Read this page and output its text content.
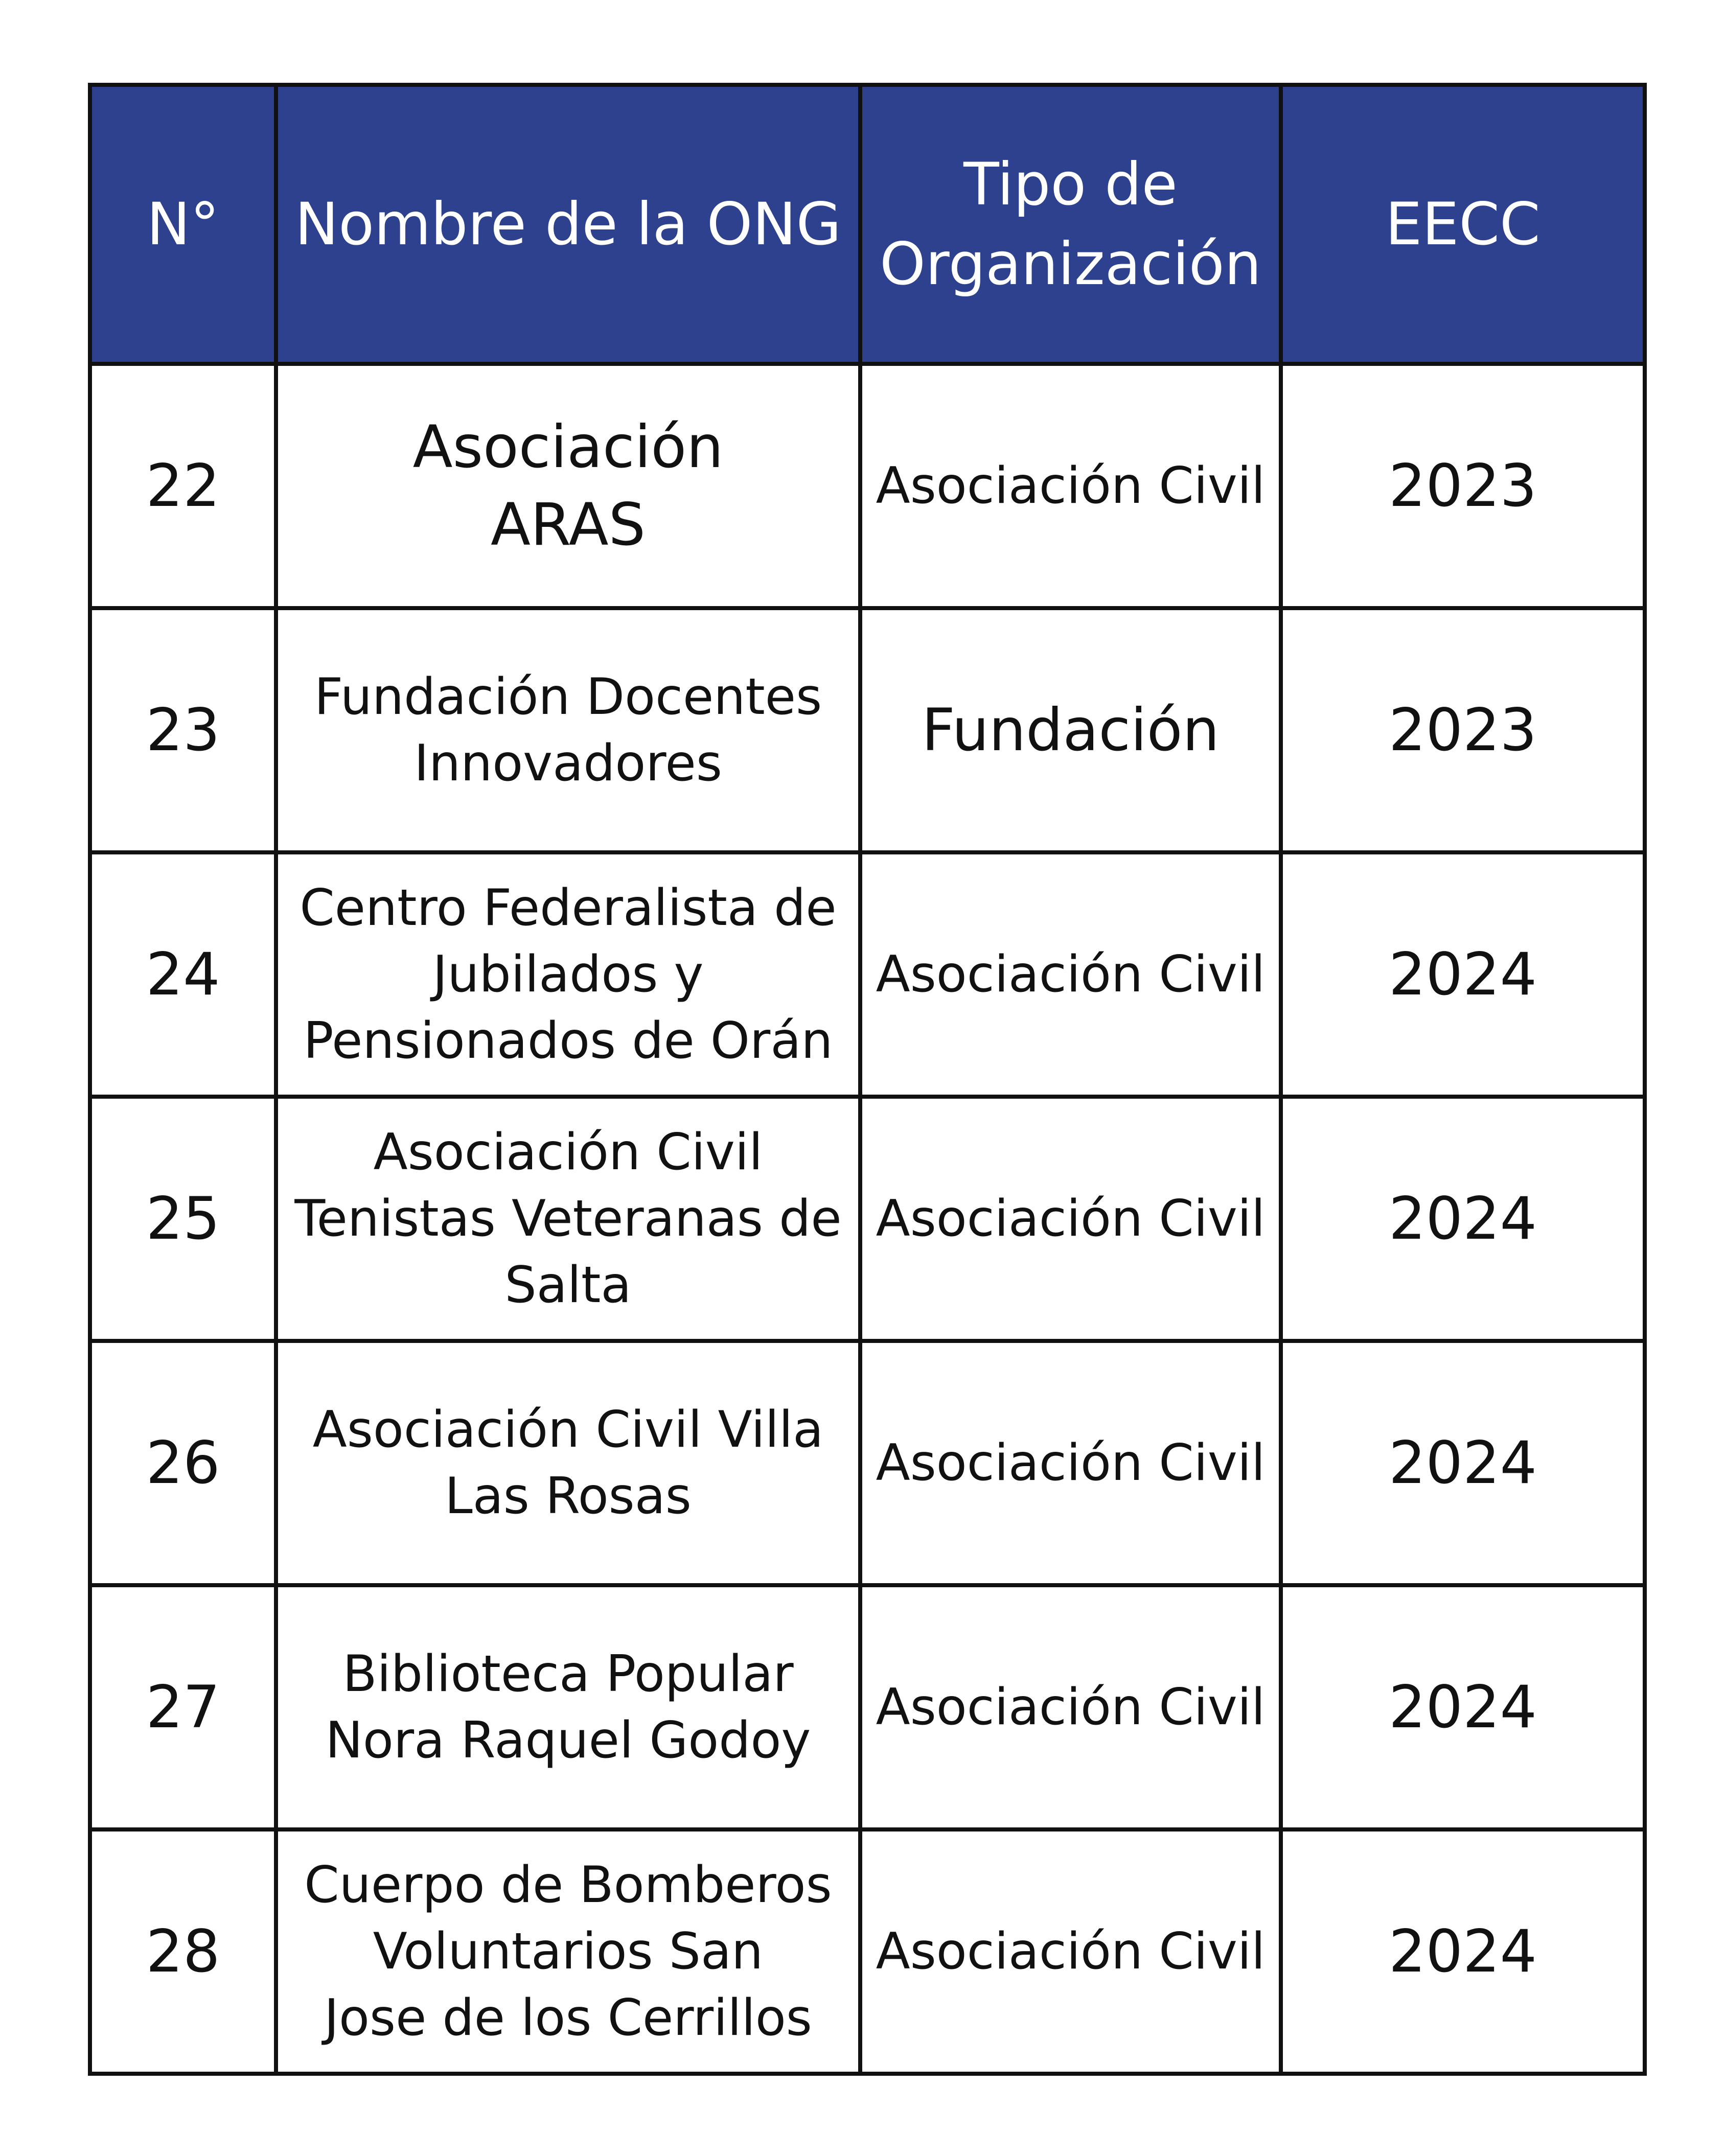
N°	Nombre de la ONG	Tipo de
Organización	EECC
22	Asociación
ARAS	Asociación Civil	2023
23	Fundación Docentes
Innovadores	Fundación	2023
24	Centro Federalista de
Jubilados y
Pensionados de Orán	Asociación Civil	2024
25	Asociación Civil
Tenistas Veteranas de
Salta	Asociación Civil	2024
26	Asociación Civil Villa
Las Rosas	Asociación Civil	2024
27	Biblioteca Popular
Nora Raquel Godoy	Asociación Civil	2024
28	Cuerpo de Bomberos
Voluntarios San
Jose de los Cerrillos	Asociación Civil	2024
